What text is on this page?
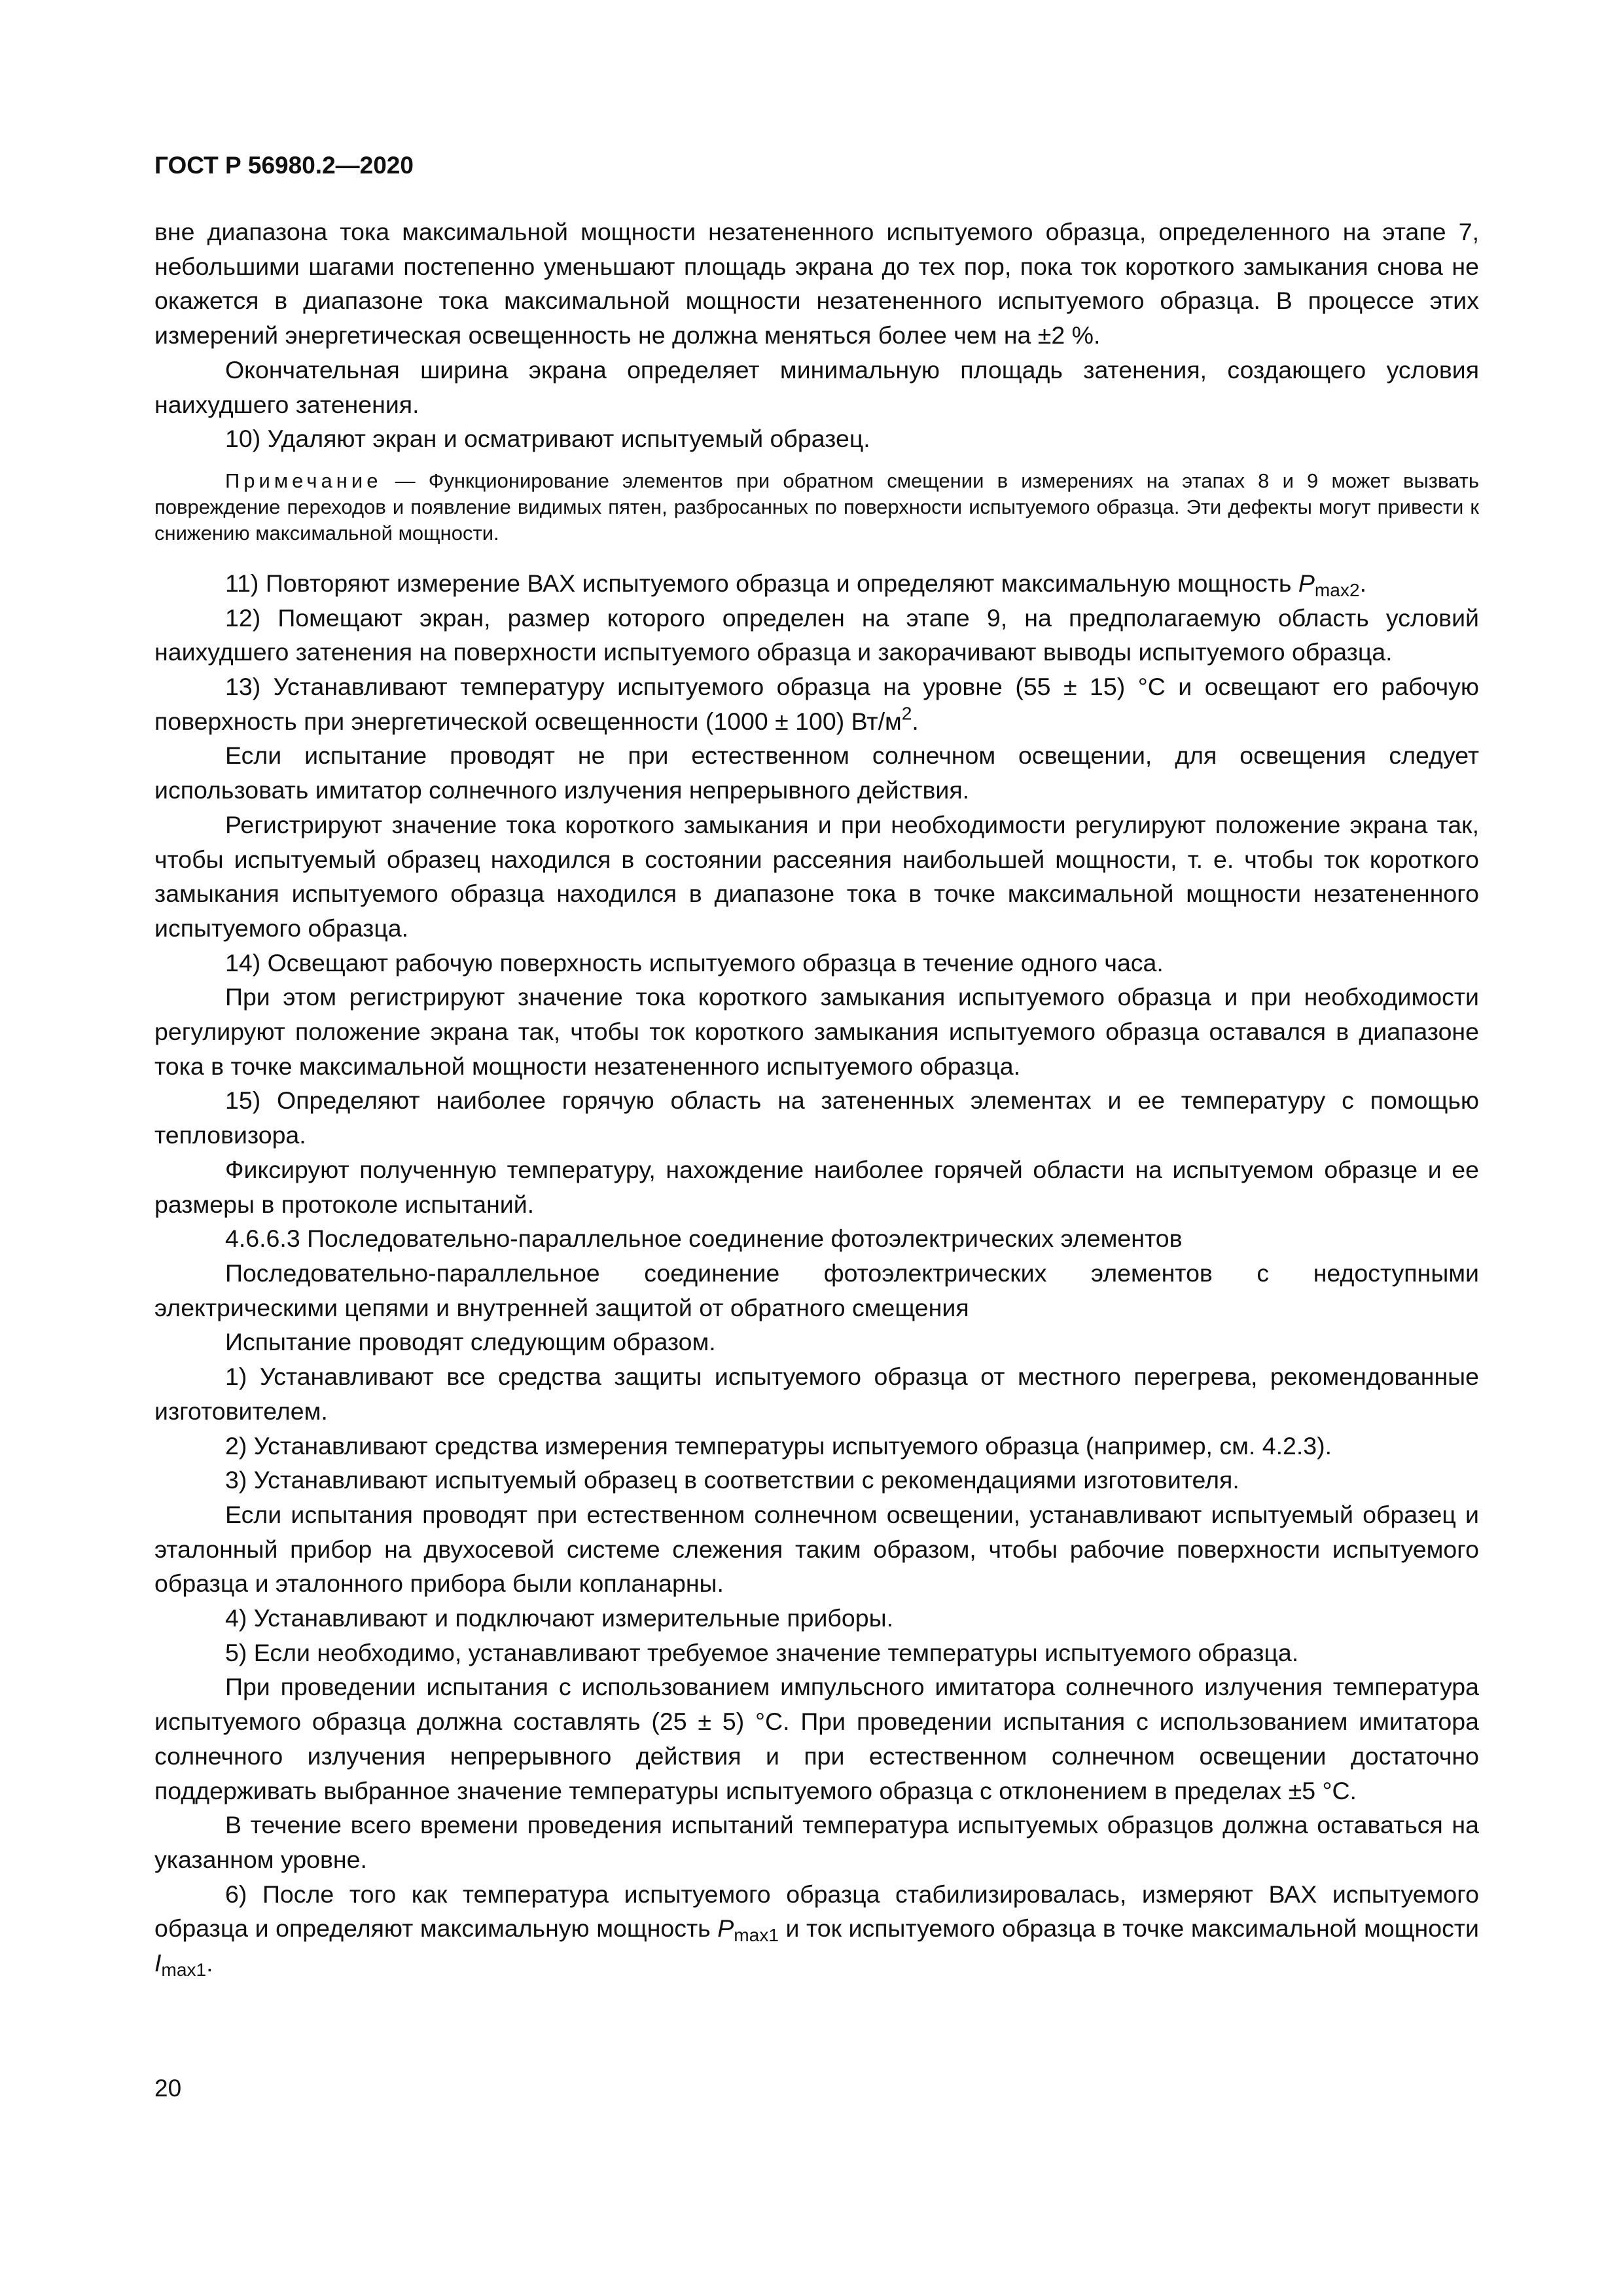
ГОСТ Р 56980.2—2020

вне диапазона тока максимальной мощности незатененного испытуемого образца, определенного на этапе 7, небольшими шагами постепенно уменьшают площадь экрана до тех пор, пока ток короткого замыкания снова не окажется в диапазоне тока максимальной мощности незатененного испытуемого образца. В процессе этих измерений энергетическая освещенность не должна меняться более чем на ±2 %.

Окончательная ширина экрана определяет минимальную площадь затенения, создающего условия наихудшего затенения.

10) Удаляют экран и осматривают испытуемый образец.

Примечание — Функционирование элементов при обратном смещении в измерениях на этапах 8 и 9 может вызвать повреждение переходов и появление видимых пятен, разбросанных по поверхности испытуемого образца. Эти дефекты могут привести к снижению максимальной мощности.

11) Повторяют измерение ВАХ испытуемого образца и определяют максимальную мощность $P_{max2}$.

12) Помещают экран, размер которого определен на этапе 9, на предполагаемую область условий наихудшего затенения на поверхности испытуемого образца и закорачивают выводы испытуемого образца.

13) Устанавливают температуру испытуемого образца на уровне (55 ± 15) °С и освещают его рабочую поверхность при энергетической освещенности (1000 ± 100) $Вт/м^2$.

Если испытание проводят не при естественном солнечном освещении, для освещения следует использовать имитатор солнечного излучения непрерывного действия.

Регистрируют значение тока короткого замыкания и при необходимости регулируют положение экрана так, чтобы испытуемый образец находился в состоянии рассеяния наибольшей мощности, т. е. чтобы ток короткого замыкания испытуемого образца находился в диапазоне тока в точке максимальной мощности незатененного испытуемого образца.

14) Освещают рабочую поверхность испытуемого образца в течение одного часа.

При этом регистрируют значение тока короткого замыкания испытуемого образца и при необходимости регулируют положение экрана так, чтобы ток короткого замыкания испытуемого образца оставался в диапазоне тока в точке максимальной мощности незатененного испытуемого образца.

15) Определяют наиболее горячую область на затененных элементах и ее температуру с помощью тепловизора.

Фиксируют полученную температуру, нахождение наиболее горячей области на испытуемом образце и ее размеры в протоколе испытаний.

4.6.6.3 Последовательно-параллельное соединение фотоэлектрических элементов

Последовательно-параллельное соединение фотоэлектрических элементов с недоступными электрическими цепями и внутренней защитой от обратного смещения

Испытание проводят следующим образом.

1) Устанавливают все средства защиты испытуемого образца от местного перегрева, рекомендованные изготовителем.

2) Устанавливают средства измерения температуры испытуемого образца (например, см. 4.2.3).

3) Устанавливают испытуемый образец в соответствии с рекомендациями изготовителя.

Если испытания проводят при естественном солнечном освещении, устанавливают испытуемый образец и эталонный прибор на двухосевой системе слежения таким образом, чтобы рабочие поверхности испытуемого образца и эталонного прибора были копланарны.

4) Устанавливают и подключают измерительные приборы.

5) Если необходимо, устанавливают требуемое значение температуры испытуемого образца.

При проведении испытания с использованием импульсного имитатора солнечного излучения температура испытуемого образца должна составлять (25 ± 5) °С. При проведении испытания с использованием имитатора солнечного излучения непрерывного действия и при естественном солнечном освещении достаточно поддерживать выбранное значение температуры испытуемого образца с отклонением в пределах ±5 °С.

В течение всего времени проведения испытаний температура испытуемых образцов должна оставаться на указанном уровне.

6) После того как температура испытуемого образца стабилизировалась, измеряют ВАХ испытуемого образца и определяют максимальную мощность $P_{max1}$ и ток испытуемого образца в точке максимальной мощности $I_{max1}$.

20
